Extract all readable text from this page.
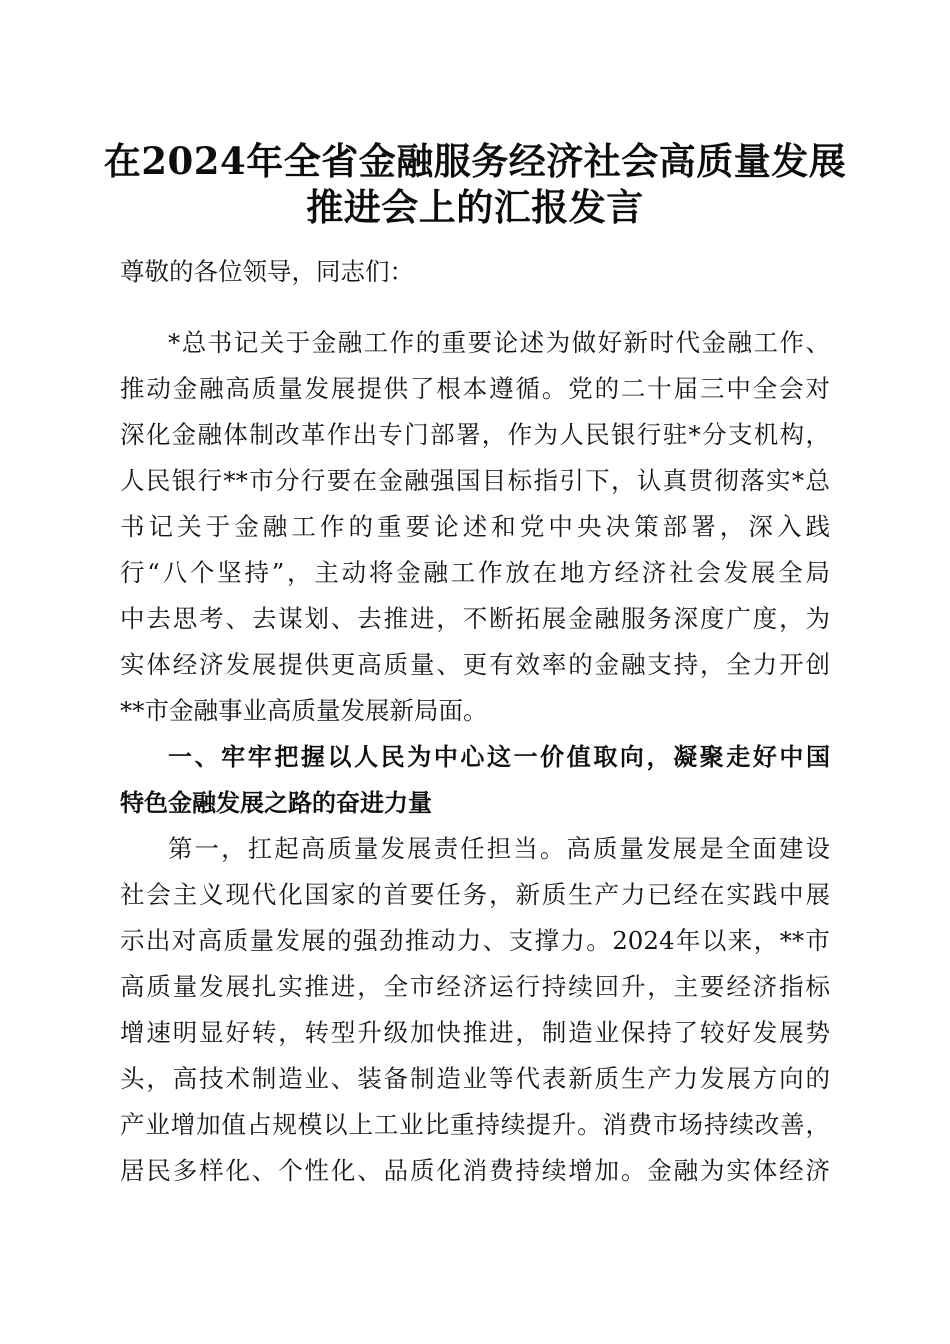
在2024年全省金融服务经济社会高质量发展
推进会上的汇报发言
尊敬的各位领导，同志们：
*总书记关于金融工作的重要论述为做好新时代金融工作、
推动金融高质量发展提供了根本遵循。党的二十届三中全会对
深化金融体制改革作出专门部署，作为人民银行驻*分支机构，
人民银行**市分行要在金融强国目标指引下，认真贯彻落实*总
书记关于金融工作的重要论述和党中央决策部署，深入践
行“八个坚持”，主动将金融工作放在地方经济社会发展全局
中去思考、去谋划、去推进，不断拓展金融服务深度广度，为
实体经济发展提供更高质量、更有效率的金融支持，全力开创
**市金融事业高质量发展新局面。
一、牢牢把握以人民为中心这一价值取向，凝聚走好中国
特色金融发展之路的奋进力量
第一，扛起高质量发展责任担当。高质量发展是全面建设
社会主义现代化国家的首要任务，新质生产力已经在实践中展
示出对高质量发展的强劲推动力、支撑力。2024年以来，**市
高质量发展扎实推进，全市经济运行持续回升，主要经济指标
增速明显好转，转型升级加快推进，制造业保持了较好发展势
头，高技术制造业、装备制造业等代表新质生产力发展方向的
产业增加值占规模以上工业比重持续提升。消费市场持续改善，
居民多样化、个性化、品质化消费持续增加。金融为实体经济
